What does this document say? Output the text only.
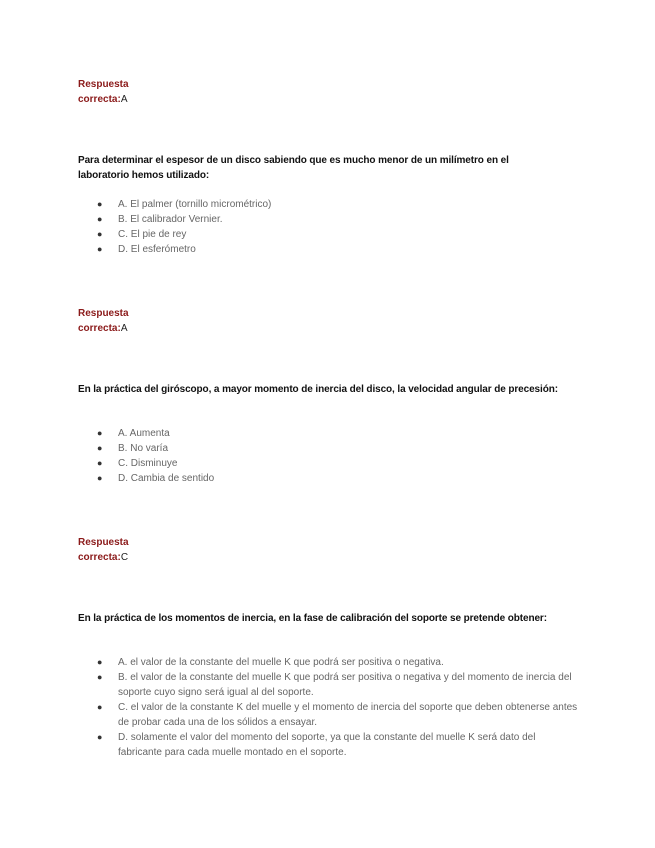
Respuesta
correcta:A
Para determinar el espesor de un disco sabiendo que es mucho menor de un milímetro en el laboratorio hemos utilizado:
● A. El palmer (tornillo micrométrico)
● B. El calibrador Vernier.
● C. El pie de rey
● D. El esferómetro
Respuesta
correcta:A
En la práctica del giróscopo, a mayor momento de inercia del disco, la velocidad angular de precesión:
● A. Aumenta
● B. No varía
● C. Disminuye
● D. Cambia de sentido
Respuesta
correcta:C
En la práctica de los momentos de inercia, en la fase de calibración del soporte se pretende obtener:
● A. el valor de la constante del muelle K que podrá ser positiva o negativa.
● B. el valor de la constante del muelle K que podrá ser positiva o negativa y del momento de inercia del soporte cuyo signo será igual al del soporte.
● C. el valor de la constante K del muelle y el momento de inercia del soporte que deben obtenerse antes de probar cada una de los sólidos a ensayar.
● D. solamente el valor del momento del soporte, ya que la constante del muelle K será dato del fabricante para cada muelle montado en el soporte.
